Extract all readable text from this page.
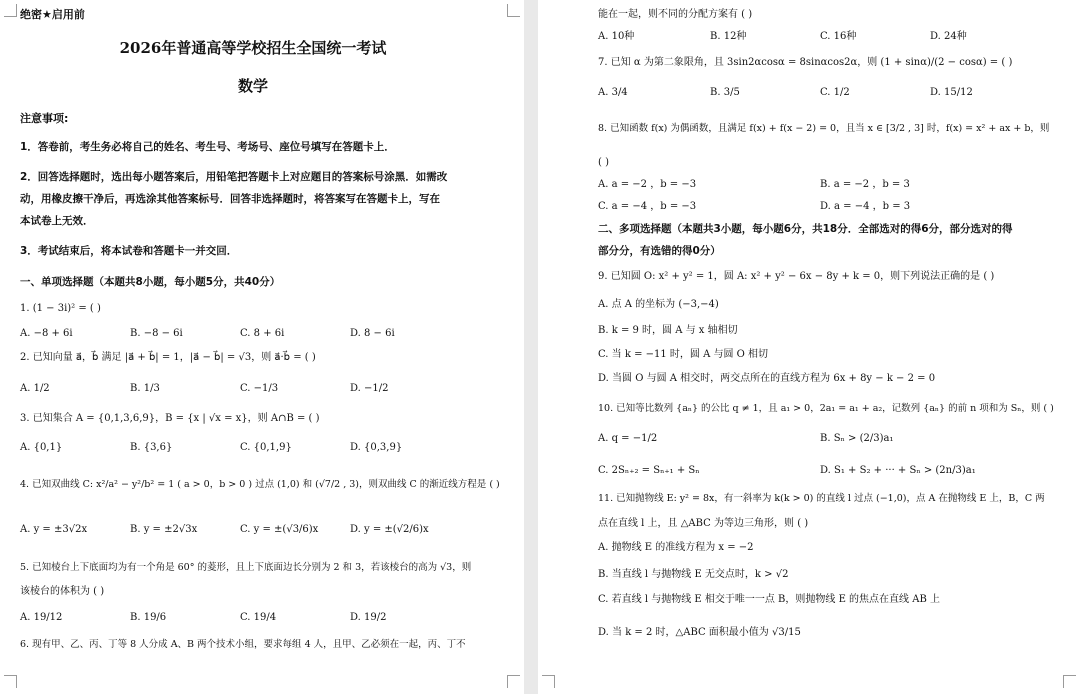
绝密★启用前
2026年普通高等学校招生全国统一考试
数学
注意事项:
1．答卷前，考生务必将自己的姓名、考生号、考场号、座位号填写在答题卡上．
2．回答选择题时，选出每小题答案后，用铅笔把答题卡上对应题目的答案标号涂黑．如需改
动，用橡皮擦干净后，再选涂其他答案标号．回答非选择题时，将答案写在答题卡上，写在
本试卷上无效．
3．考试结束后，将本试卷和答题卡一并交回．
一、单项选择题（本题共8小题，每小题5分，共40分）
1. (1 − 3i)² = ( )
A. −8 + 6i	B. −8 − 6i	C. 8 + 6i	D. 8 − 6i
2. 已知向量 a⃗，b⃗ 满足 |a⃗ + b⃗| = 1，|a⃗ − b⃗| = √3，则 a⃗·b⃗ = ( )
A. 1/2	B. 1/3	C. −1/3	D. −1/2
3. 已知集合 A = {0,1,3,6,9}，B = {x | √x = x}，则 A∩B = ( )
A. {0,1}	B. {3,6}	C. {0,1,9}	D. {0,3,9}
4. 已知双曲线 C: x²/a² − y²/b² = 1 ( a > 0，b > 0 ) 过点 (1,0) 和 (√7/2 , 3)，则双曲线 C 的渐近线方程是 ( )
A. y = ±3√2x	B. y = ±2√3x	C. y = ±(√3/6)x	D. y = ±(√2/6)x
5. 已知棱台上下底面均为有一个角是 60° 的菱形，且上下底面边长分别为 2 和 3，若该棱台的高为 √3，则
该棱台的体积为 ( )
A. 19/12	B. 19/6	C. 19/4	D. 19/2
6. 现有甲、乙、丙、丁等 8 人分成 A、B 两个技术小组，要求每组 4 人，且甲、乙必须在一起，丙、丁不
能在一起，则不同的分配方案有 ( )
A. 10种	B. 12种	C. 16种	D. 24种
7. 已知 α 为第二象限角，且 3sin2αcosα = 8sinαcos2α，则 (1 + sinα)/(2 − cosα) = ( )
A. 3/4	B. 3/5	C. 1/2	D. 15/12
8. 已知函数 f(x) 为偶函数，且满足 f(x) + f(x − 2) = 0，且当 x ∈ [3/2 , 3] 时，f(x) = x² + ax + b，则
( )
A. a = −2 ，b = −3	B. a = −2 ，b = 3
C. a = −4 ，b = −3	D. a = −4 ，b = 3
二、多项选择题（本题共3小题，每小题6分，共18分．全部选对的得6分，部分选对的得
部分分，有选错的得0分）
9. 已知圆 O: x² + y² = 1，圆 A: x² + y² − 6x − 8y + k = 0，则下列说法正确的是 ( )
A. 点 A 的坐标为 (−3,−4)
B. k = 9 时，圆 A 与 x 轴相切
C. 当 k = −11 时，圆 A 与圆 O 相切
D. 当圆 O 与圆 A 相交时，两交点所在的直线方程为 6x + 8y − k − 2 = 0
10. 已知等比数列 {aₙ} 的公比 q ≠ 1，且 a₁ > 0，2a₁ = a₁ + a₂，记数列 {aₙ} 的前 n 项和为 Sₙ，则 ( )
A. q = −1/2	B. Sₙ > (2/3)a₁
C. 2Sₙ₊₂ = Sₙ₊₁ + Sₙ	D. S₁ + S₂ + ··· + Sₙ > (2n/3)a₁
11. 已知抛物线 E: y² = 8x，有一斜率为 k(k > 0) 的直线 l 过点 (−1,0)，点 A 在抛物线 E 上，B，C 两
点在直线 l 上，且 △ABC 为等边三角形，则 ( )
A. 抛物线 E 的准线方程为 x = −2
B. 当直线 l 与抛物线 E 无交点时，k > √2
C. 若直线 l 与抛物线 E 相交于唯一一点 B，则抛物线 E 的焦点在直线 AB 上
D. 当 k = 2 时，△ABC 面积最小值为 √3/15
